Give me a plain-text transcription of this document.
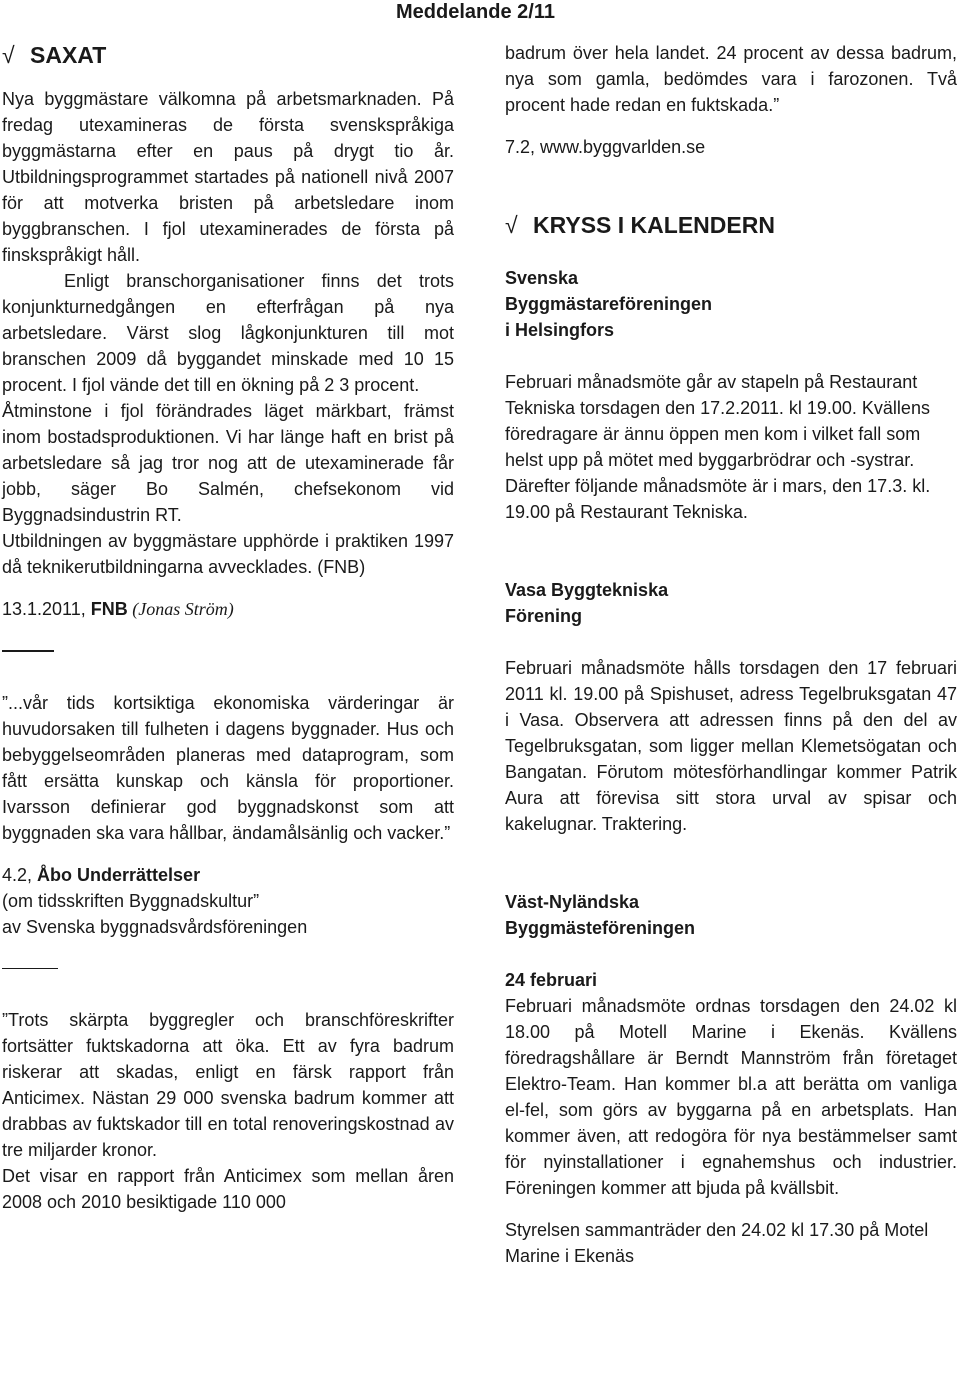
Meddelande 2/11
√ SAXAT

Nya byggmästare välkomna på arbetsmarknaden. På fredag utexamineras de första svenskspråkiga byggmästarna efter en paus på drygt tio år. Utbildningsprogrammet startades på nationell nivå 2007 för att motverka bristen på arbetsledare inom byggbranschen. I fjol utexaminerades de första på finskspråkigt håll.

Enligt branschorganisationer finns det trots konjunkturnedgången en efterfrågan på nya arbetsledare. Värst slog lågkonjunkturen till mot branschen 2009 då byggandet minskade med 10 15 procent. I fjol vände det till en ökning på 2 3 procent.

Åtminstone i fjol förändrades läget märkbart, främst inom bostadsproduktionen. Vi har länge haft en brist på arbetsledare så jag tror nog att de utexaminerade får jobb, säger Bo Salmén, chefsekonom vid Byggnadsindustrin RT.

Utbildningen av byggmästare upphörde i praktiken 1997 då teknikerutbildningarna avvecklades. (FNB)

13.1.2011, FNB (Jonas Ström)

”...vår tids kortsiktiga ekonomiska värderingar är huvudorsaken till fulheten i dagens byggnader. Hus och bebyggelseområden planeras med dataprogram, som fått ersätta kunskap och känsla för proportioner. Ivarsson definierar god byggnadskonst som att byggnaden ska vara hållbar, ändamålsänlig och vacker.”

4.2, Åbo Underrättelser

(om tidsskriften Byggnadskultur”

av Svenska byggnadsvårdsföreningen

”Trots skärpta byggregler och branschföreskrifter fortsätter fuktskadorna att öka. Ett av fyra badrum riskerar att skadas, enligt en färsk rapport från Anticimex. Nästan 29 000 svenska badrum kommer att drabbas av fuktskador till en total renoveringskostnad av tre miljarder kronor.

Det visar en rapport från Anticimex som mellan åren 2008 och 2010 besiktigade 110 000

badrum över hela landet. 24 procent av dessa badrum, nya som gamla, bedömdes vara i farozonen. Två procent hade redan en fuktskada.”

7.2, www.byggvarlden.se

√ KRYSS I KALENDERN

Svenska

Byggmästareföreningen

i Helsingfors

Februari månadsmöte går av stapeln på Restaurant Tekniska torsdagen den 17.2.2011. kl 19.00. Kvällens föredragare är ännu öppen men kom i vilket fall som helst upp på mötet med byggarbrödrar och -systrar. Därefter följande månadsmöte är i mars, den 17.3. kl. 19.00 på Restaurant Tekniska.

Vasa Byggtekniska

Förening

Februari månadsmöte hålls torsdagen den 17 februari 2011 kl. 19.00 på Spishuset, adress Tegelbruksgatan 47 i Vasa. Observera att adressen finns på den del av Tegelbruksgatan, som ligger mellan Klemetsögatan och Bangatan. Förutom mötesförhandlingar kommer Patrik Aura att förevisa sitt stora urval av spisar och kakelugnar. Traktering.

Väst-Nyländska

Byggmästeföreningen

24 februari

Februari månadsmöte ordnas torsdagen den 24.02 kl 18.00 på Motell Marine i Ekenäs. Kvällens föredragshållare är Berndt Mannström från företaget Elektro-Team. Han kommer bl.a att berätta om vanliga el-fel, som görs av byggarna på en arbetsplats. Han kommer även, att redogöra för nya bestämmelser samt för nyinstallationer i egnahemshus och industrier. Föreningen kommer att bjuda på kvällsbit.

Styrelsen sammanträder den 24.02 kl 17.30 på Motel Marine i Ekenäs
